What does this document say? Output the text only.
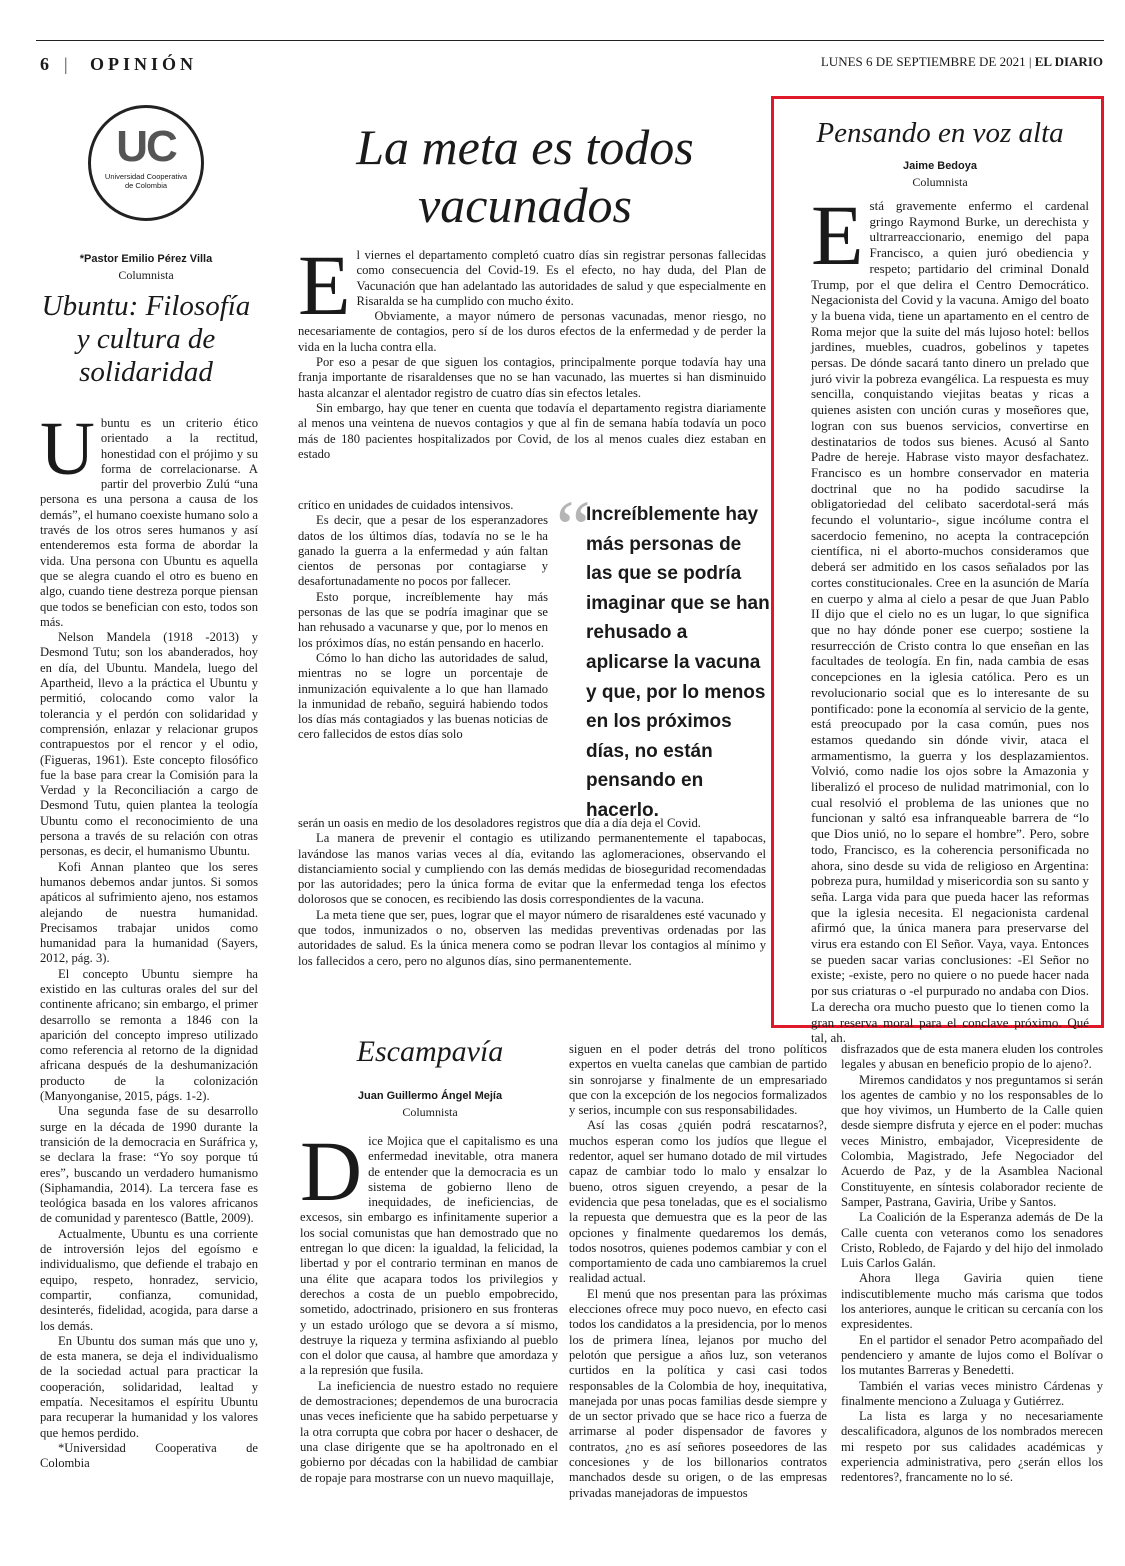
6 | OPINIÓN	LUNES 6 DE SEPTIEMBRE DE 2021 | EL DIARIO
UC
Universidad Cooperativa
de Colombia
*Pastor Emilio Pérez Villa
Columnista
Ubuntu: Filosofía y cultura de solidaridad
U buntu es un criterio ético orientado a la rectitud, honestidad con el prójimo y su forma de correlacionarse. A partir del proverbio Zulú “una persona es una persona a causa de los demás”, el humano coexiste humano solo a través de los otros seres humanos y así entenderemos esta forma de abordar la vida. Una persona con Ubuntu es aquella que se alegra cuando el otro es bueno en algo, cuando tiene destreza porque piensan que todos se benefician con esto, todos son más.

Nelson Mandela (1918 -2013) y Desmond Tutu; son los abanderados, hoy en día, del Ubuntu. Mandela, luego del Apartheid, llevo a la práctica el Ubuntu y permitió, colocando como valor la tolerancia y el perdón con solidaridad y comprensión, enlazar y relacionar grupos contrapuestos por el rencor y el odio, (Figueras, 1961). Este concepto filosófico fue la base para crear la Comisión para la Verdad y la Reconciliación a cargo de Desmond Tutu, quien plantea la teología Ubuntu como el reconocimiento de una persona a través de su relación con otras personas, es decir, el humanismo Ubuntu.

Kofi Annan planteo que los seres humanos debemos andar juntos. Si somos apáticos al sufrimiento ajeno, nos estamos alejando de nuestra humanidad. Precisamos trabajar unidos como humanidad para la humanidad (Sayers, 2012, pág. 3).

El concepto Ubuntu siempre ha existido en las culturas orales del sur del continente africano; sin embargo, el primer desarrollo se remonta a 1846 con la aparición del concepto impreso utilizado como referencia al retorno de la dignidad africana después de la deshumanización producto de la colonización (Manyonganise, 2015, págs. 1-2).

Una segunda fase de su desarrollo surge en la década de 1990 durante la transición de la democracia en Suráfrica y, se declara la frase: “Yo soy porque tú eres”, buscando un verdadero humanismo (Siphamandia, 2014). La tercera fase es teológica basada en los valores africanos de comunidad y parentesco (Battle, 2009).

Actualmente, Ubuntu es una corriente de introversión lejos del egoísmo e individualismo, que defiende el trabajo en equipo, respeto, honradez, servicio, compartir, confianza, comunidad, desinterés, fidelidad, acogida, para darse a los demás.

En Ubuntu dos suman más que uno y, de esta manera, se deja el individualismo de la sociedad actual para practicar la cooperación, solidaridad, lealtad y empatía. Necesitamos el espíritu Ubuntu para recuperar la humanidad y los valores que hemos perdido.

*Universidad Cooperativa de Colombia

La meta es todos
vacunados
E l viernes el departamento completó cuatro días sin registrar personas fallecidas como consecuencia del Covid-19. Es el efecto, no hay duda, del Plan de Vacunación que han adelantado las autoridades de salud y que especialmente en Risaralda se ha cumplido con mucho éxito.

Obviamente, a mayor número de personas vacunadas, menor riesgo, no necesariamente de contagios, pero sí de los duros efectos de la enfermedad y de perder la vida en la lucha contra ella.

Por eso a pesar de que siguen los contagios, principalmente porque todavía hay una franja importante de risaraldenses que no se han vacunado, las muertes si han disminuido hasta alcanzar el alentador registro de cuatro días sin efectos letales.

Sin embargo, hay que tener en cuenta que todavía el departamento registra diariamente al menos una veintena de nuevos contagios y que al fin de semana había todavía un poco más de 180 pacientes hospitalizados por Covid, de los al menos cuales diez estaban en estado

crítico en unidades de cuidados intensivos.

Es decir, que a pesar de los esperanzadores datos de los últimos días, todavía no se le ha ganado la guerra a la enfermedad y aún faltan cientos de personas por contagiarse y desafortunadamente no pocos por fallecer.

Esto porque, increíblemente hay más personas de las que se podría imaginar que se han rehusado a vacunarse y que, por lo menos en los próximos días, no están pensando en hacerlo.

Cómo lo han dicho las autoridades de salud, mientras no se logre un porcentaje de inmunización equivalente a lo que han llamado la inmunidad de rebaño, seguirá habiendo todos los días más contagiados y las buenas noticias de cero fallecidos de estos días solo

“
Increíblemente hay más personas de las que se podría imaginar que se han rehusado a aplicarse la vacuna y que, por lo menos en los próximos días, no están pensando en hacerlo.

serán un oasis en medio de los desoladores registros que día a día deja el Covid.

La manera de prevenir el contagio es utilizando permanentemente el tapabocas, lavándose las manos varias veces al día, evitando las aglomeraciones, observando el distanciamiento social y cumpliendo con las demás medidas de bioseguridad recomendadas por las autoridades; pero la única forma de evitar que la enfermedad tenga los efectos dolorosos que se conocen, es recibiendo las dosis correspondientes de la vacuna.

La meta tiene que ser, pues, lograr que el mayor número de risaraldenes esté vacunado y que todos, inmunizados o no, observen las medidas preventivas ordenadas por las autoridades de salud. Es la única menera como se podran llevar los contagios al mínimo y los fallecidos a cero, pero no algunos días, sino permanentemente.

Pensando en voz alta
Jaime Bedoya
Columnista
E stá gravemente enfermo el cardenal gringo Raymond Burke, un derechista y ultrarreaccionario, enemigo del papa Francisco, a quien juró obediencia y respeto; partidario del criminal Donald Trump, por el que delira el Centro Democrático. Negacionista del Covid y la vacuna. Amigo del boato y la buena vida, tiene un apartamento en el centro de Roma mejor que la suite del más lujoso hotel: bellos jardines, muebles, cuadros, gobelinos y tapetes persas. De dónde sacará tanto dinero un prelado que juró vivir la pobreza evangélica. La respuesta es muy sencilla, conquistando viejitas beatas y ricas a quienes asisten con unción curas y moseñores que, logran con sus buenos servicios, convertirse en destinatarios de todos sus bienes. Acusó al Santo Padre de hereje. Habrase visto mayor desfachatez. Francisco es un hombre conservador en materia doctrinal que no ha podido sacudirse la obligatoriedad del celibato sacerdotal-será más fecundo el voluntario-, sigue incólume contra el sacerdocio femenino, no acepta la contracepción científica, ni el aborto-muchos consideramos que deberá ser admitido en los casos señalados por las cortes constitucionales. Cree en la asunción de María en cuerpo y alma al cielo a pesar de que Juan Pablo II dijo que el cielo no es un lugar, lo que significa que no hay dónde poner ese cuerpo; sostiene la resurrección de Cristo contra lo que enseñan en las facultades de teología. En fin, nada cambia de esas concepciones en la iglesia católica. Pero es un revolucionario social que es lo interesante de su pontificado: pone la economía al servicio de la gente, está preocupado por la casa común, pues nos estamos quedando sin dónde vivir, ataca el armamentismo, la guerra y los desplazamientos. Volvió, como nadie los ojos sobre la Amazonia y liberalizó el proceso de nulidad matrimonial, con lo cual resolvió el problema de las uniones que no funcionan y saltó esa infranqueable barrera de “lo que Dios unió, no lo separe el hombre”. Pero, sobre todo, Francisco, es la coherencia personificada no ahora, sino desde su vida de religioso en Argentina: pobreza pura, humildad y misericordia son su santo y seña. Larga vida para que pueda hacer las reformas que la iglesia necesita. El negacionista cardenal afirmó que, la única manera para preservarse del virus era estando con El Señor. Vaya, vaya. Entonces se pueden sacar varias conclusiones: -El Señor no existe; -existe, pero no quiere o no puede hacer nada por sus criaturas o -el purpurado no andaba con Dios. La derecha ora mucho puesto que lo tienen como la gran reserva moral para el conclave próximo. Qué tal, ah.

Escampavía
Juan Guillermo Ángel Mejía
Columnista
D ice Mojica que el capitalismo es una enfermedad inevitable, otra manera de entender que la democracia es un sistema de gobierno lleno de inequidades, de ineficiencias, de excesos, sin embargo es infinitamente superior a los social comunistas que han demostrado que no entregan lo que dicen: la igualdad, la felicidad, la libertad y por el contrario terminan en manos de una élite que acapara todos los privilegios y derechos a costa de un pueblo empobrecido, sometido, adoctrinado, prisionero en sus fronteras y un estado urólogo que se devora a sí mismo, destruye la riqueza y termina asfixiando al pueblo con el dolor que causa, al hambre que amordaza y a la represión que fusila.

La ineficiencia de nuestro estado no requiere de demostraciones; dependemos de una burocracia unas veces ineficiente que ha sabido perpetuarse y la otra corrupta que cobra por hacer o deshacer, de una clase dirigente que se ha apoltronado en el gobierno por décadas con la habilidad de cambiar de ropaje para mostrarse con un nuevo maquillaje,

siguen en el poder detrás del trono políticos expertos en vuelta canelas que cambian de partido sin sonrojarse y finalmente de un empresariado que con la excepción de los negocios formalizados y serios, incumple con sus responsabilidades.

Así las cosas ¿quién podrá rescatarnos?, muchos esperan como los judíos que llegue el redentor, aquel ser humano dotado de mil virtudes capaz de cambiar todo lo malo y ensalzar lo bueno, otros siguen creyendo, a pesar de la evidencia que pesa toneladas, que es el socialismo la repuesta que demuestra que es la peor de las opciones y finalmente quedaremos los demás, todos nosotros, quienes podemos cambiar y con el comportamiento de cada uno cambiaremos la cruel realidad actual.

El menú que nos presentan para las próximas elecciones ofrece muy poco nuevo, en efecto casi todos los candidatos a la presidencia, por lo menos los de primera línea, lejanos por mucho del pelotón que persigue a años luz, son veteranos curtidos en la política y casi casi todos responsables de la Colombia de hoy, inequitativa, manejada por unas pocas familias desde siempre y de un sector privado que se hace rico a fuerza de arrimarse al poder dispensador de favores y contratos, ¿no es así señores poseedores de las concesiones y de los billonarios contratos manchados desde su origen, o de las empresas privadas manejadoras de impuestos

disfrazados que de esta manera eluden los controles legales y abusan en beneficio propio de lo ajeno?.

Miremos candidatos y nos preguntamos si serán los agentes de cambio y no los responsables de lo que hoy vivimos, un Humberto de la Calle quien desde siempre disfruta y ejerce en el poder: muchas veces Ministro, embajador, Vicepresidente de Colombia, Magistrado, Jefe Negociador del Acuerdo de Paz, y de la Asamblea Nacional Constituyente, en síntesis colaborador reciente de Samper, Pastrana, Gaviria, Uribe y Santos.

La Coalición de la Esperanza además de De la Calle cuenta con veteranos como los senadores Cristo, Robledo, de Fajardo y del hijo del inmolado Luis Carlos Galán.

Ahora llega Gaviria quien tiene indiscutiblemente mucho más carisma que todos los anteriores, aunque le critican su cercanía con los expresidentes.

En el partidor el senador Petro acompañado del pendenciero y amante de lujos como el Bolívar o los mutantes Barreras y Benedetti.

También el varias veces ministro Cárdenas y finalmente menciono a Zuluaga y Gutiérrez.

La lista es larga y no necesariamente descalificadora, algunos de los nombrados merecen mi respeto por sus calidades académicas y experiencia administrativa, pero ¿serán ellos los redentores?, francamente no lo sé.
